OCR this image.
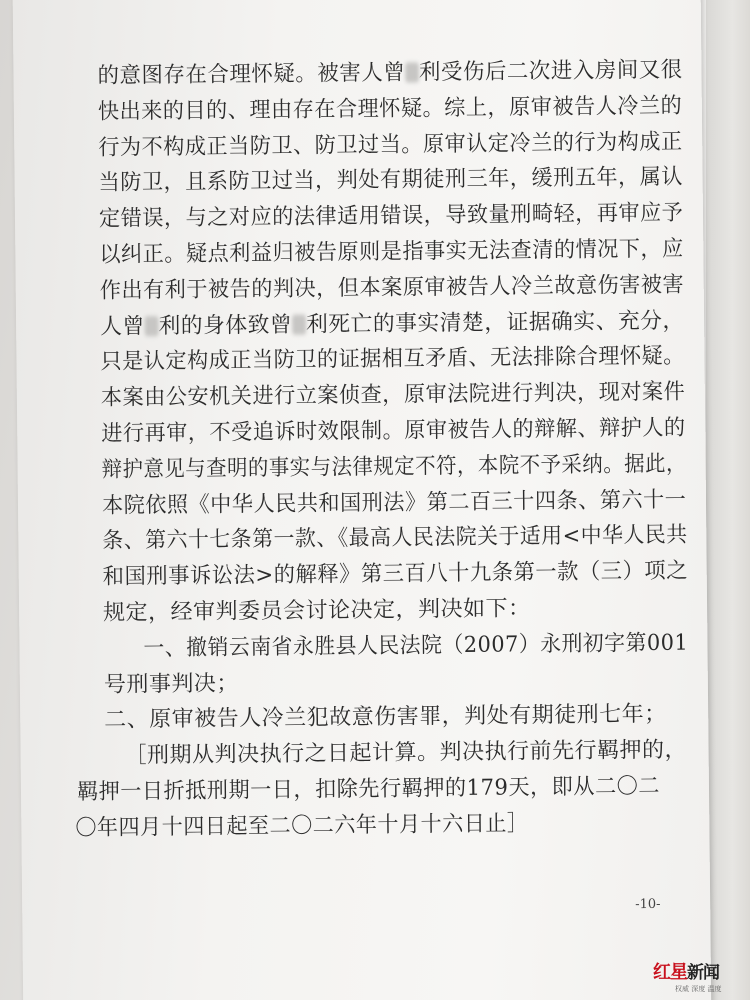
的意图存在合理怀疑。被害人曾 利受伤后二次进入房间又很
快出来的目的、理由存在合理怀疑。综上，原审被告人冷兰的
行为不构成正当防卫、防卫过当。原审认定冷兰的行为构成正
当防卫，且系防卫过当，判处有期徒刑三年，缓刑五年，属认
定错误，与之对应的法律适用错误，导致量刑畸轻，再审应予
以纠正。疑点利益归被告原则是指事实无法查清的情况下，应
作出有利于被告的判决，但本案原审被告人冷兰故意伤害被害
人曾 利的身体致曾 利死亡的事实清楚，证据确实、充分，
只是认定构成正当防卫的证据相互矛盾、无法排除合理怀疑。
本案由公安机关进行立案侦查，原审法院进行判决，现对案件
进行再审，不受追诉时效限制。原审被告人的辩解、辩护人的
辩护意见与查明的事实与法律规定不符，本院不予采纳。据此，
本院依照《中华人民共和国刑法》第二百三十四条、第六十一
条、第六十七条第一款、《最高人民法院关于适用<中华人民共
和国刑事诉讼法>的解释》第三百八十九条第一款（三）项之
规定，经审判委员会讨论决定，判决如下：
一、撤销云南省永胜县人民法院（2007）永刑初字第001
号刑事判决；
二、原审被告人冷兰犯故意伤害罪，判处有期徒刑七年；
［刑期从判决执行之日起计算。判决执行前先行羁押的，
羁押一日折抵刑期一日，扣除先行羁押的179天，即从二〇二
〇年四月十四日起至二〇二六年十月十六日止］
-10-
红星新闻
权威 深度 温度
